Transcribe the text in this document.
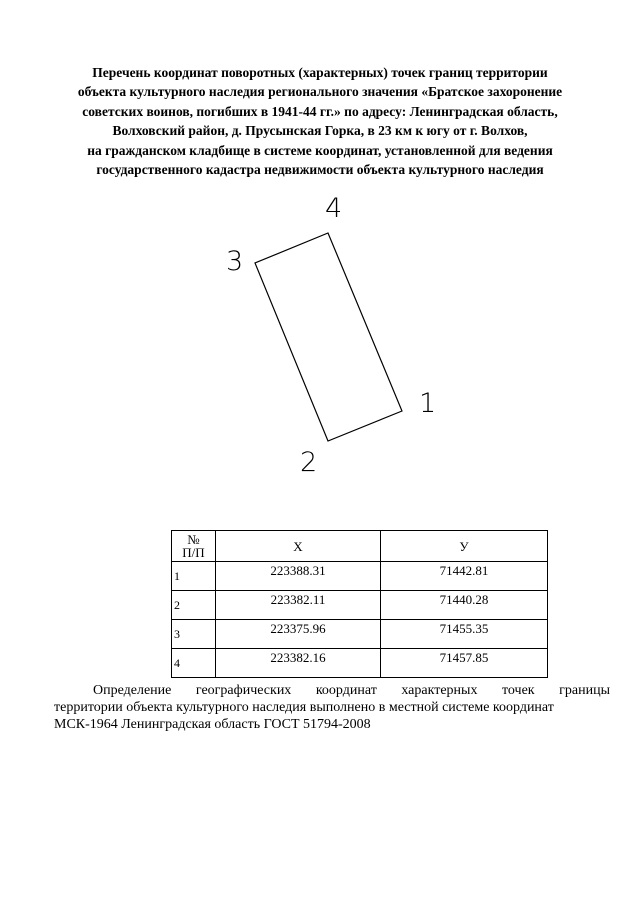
Перечень координат поворотных (характерных) точек границ территории
объекта культурного наследия регионального значения «Братское захоронение
советских воинов, погибших в 1941-44 гг.» по адресу: Ленинградская область,
Волховский район, д. Прусынская Горка, в 23 км к югу от г. Волхов,
на гражданском кладбище в системе координат, установленной для ведения
государственного кадастра недвижимости объекта культурного наследия
1
2
3
4
№
П/П	X	У
1	223388.31	71442.81
2	223382.11	71440.28
3	223375.96	71455.35
4	223382.16	71457.85
Определение географических координат характерных точек границы
территории объекта культурного наследия выполнено в местной системе координат
МСК-1964 Ленинградская область ГОСТ 51794-2008
